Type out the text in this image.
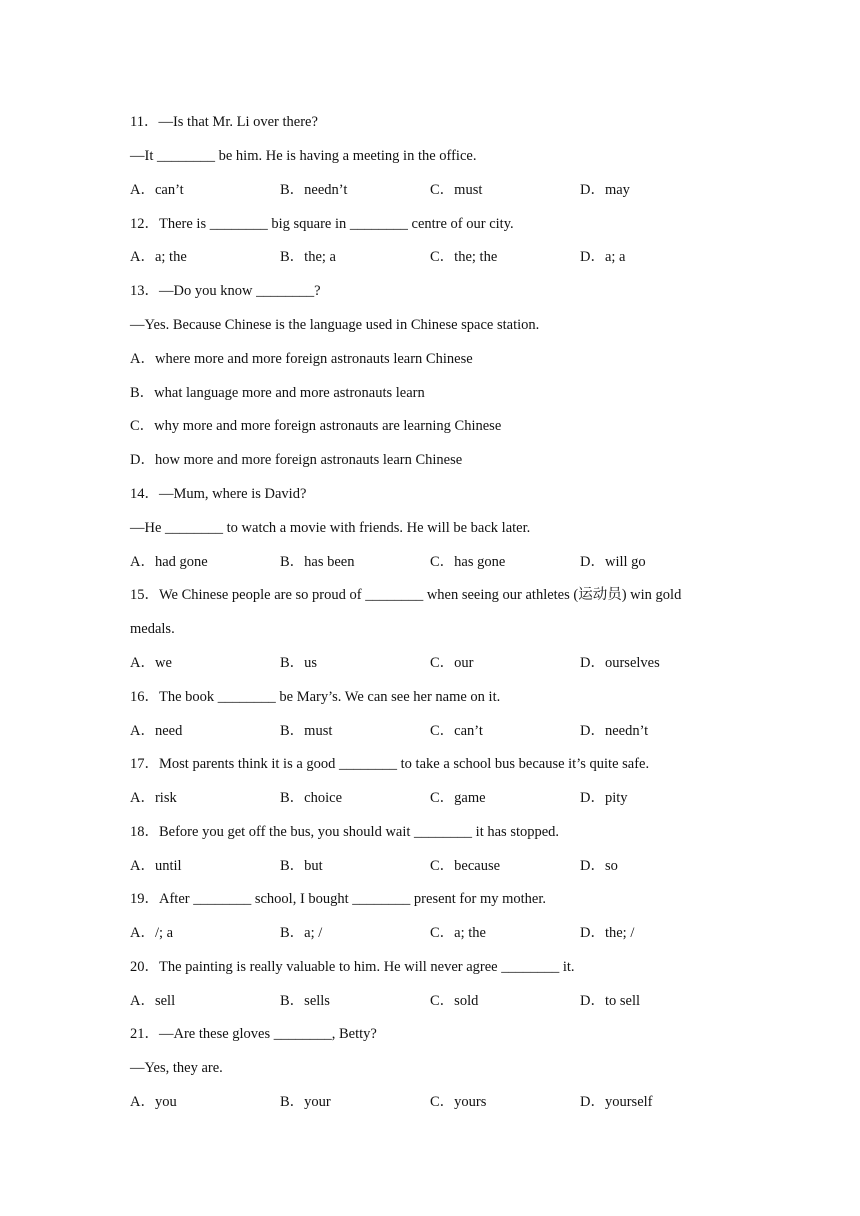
11．—Is that Mr. Li over there?
—It ________ be him. He is having a meeting in the office.
A．can’t	B．needn’t	C．must	D．may
12．There is ________ big square in ________ centre of our city.
A．a; the	B．the; a	C．the; the	D．a; a
13．—Do you know ________?
—Yes. Because Chinese is the language used in Chinese space station.
A．where more and more foreign astronauts learn Chinese
B．what language more and more astronauts learn
C．why more and more foreign astronauts are learning Chinese
D．how more and more foreign astronauts learn Chinese
14．—Mum, where is David?
—He ________ to watch a movie with friends. He will be back later.
A．had gone	B．has been	C．has gone	D．will go
15．We Chinese people are so proud of ________ when seeing our athletes (运动员) win gold
medals.
A．we	B．us	C．our	D．ourselves
16．The book ________ be Mary’s. We can see her name on it.
A．need	B．must	C．can’t	D．needn’t
17．Most parents think it is a good ________ to take a school bus because it’s quite safe.
A．risk	B．choice	C．game	D．pity
18．Before you get off the bus, you should wait ________ it has stopped.
A．until	B．but	C．because	D．so
19．After ________ school, I bought ________ present for my mother.
A．/; a	B．a; /	C．a; the	D．the; /
20．The painting is really valuable to him. He will never agree ________ it.
A．sell	B．sells	C．sold	D．to sell
21．—Are these gloves ________, Betty?
—Yes, they are.
A．you	B．your	C．yours	D．yourself
